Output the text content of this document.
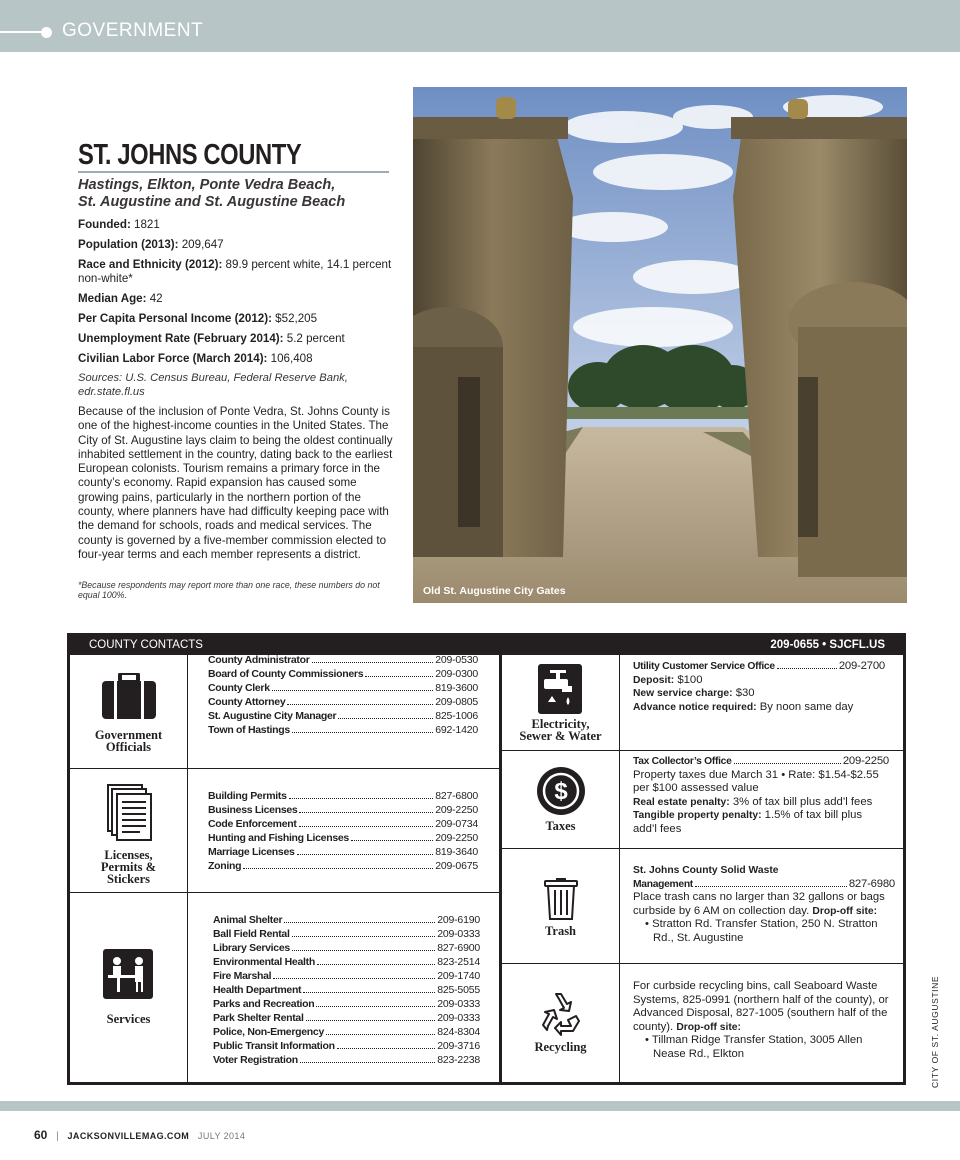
GOVERNMENT
ST. JOHNS COUNTY
Hastings, Elkton, Ponte Vedra Beach,
St. Augustine and St. Augustine Beach
Founded: 1821
Population (2013): 209,647
Race and Ethnicity (2012): 89.9 percent white, 14.1 percent non-white*
Median Age: 42
Per Capita Personal Income (2012): $52,205
Unemployment Rate (February 2014): 5.2 percent
Civilian Labor Force (March 2014): 106,408
Sources: U.S. Census Bureau, Federal Reserve Bank, edr.state.fl.us
Because of the inclusion of Ponte Vedra, St. Johns County is one of the highest-income counties in the United States. The City of St. Augustine lays claim to being the oldest continually inhabited settlement in the country, dating back to the earliest European colonists. Tourism remains a primary force in the county’s economy. Rapid expansion has caused some growing pains, particularly in the northern portion of the county, where planners have had difficulty keeping pace with the demand for schools, roads and medical services. The county is governed by a five-member commission elected to four-year terms and each member represents a district.
*Because respondents may report more than one race, these numbers do not equal 100%.	Old St. Augustine City Gates
COUNTY CONTACTS	209-0655 • SJCFL.US
Government
Officials
County Administrator	209-0530
Board of County Commissioners	209-0300
County Clerk	819-3600
County Attorney	209-0805
St. Augustine City Manager	825-1006
Town of Hastings	692-1420
Licenses,
Permits &
Stickers
Building Permits	827-6800
Business Licenses	209-2250
Code Enforcement	209-0734
Hunting and Fishing Licenses	209-2250
Marriage Licenses	819-3640
Zoning	209-0675
Services
Animal Shelter	209-6190
Ball Field Rental	209-0333
Library Services	827-6900
Environmental Health	823-2514
Fire Marshal	209-1740
Health Department	825-5055
Parks and Recreation	209-0333
Park Shelter Rental	209-0333
Police, Non-Emergency	824-8304
Public Transit Information	209-3716
Voter Registration	823-2238
Electricity,
Sewer & Water
Utility Customer Service Office	209-2700
Deposit: $100
New service charge: $30
Advance notice required: By noon same day
$
Taxes
Tax Collector’s Office	209-2250
Property taxes due March 31 • Rate: $1.54-$2.55
per $100 assessed value
Real estate penalty: 3% of tax bill plus add’l fees
Tangible property penalty: 1.5% of tax bill plus add’l fees
Trash
St. Johns County Solid Waste
Management	827-6980
Place trash cans no larger than 32 gallons or bags curbside by 6 AM on collection day. Drop-off site:
• Stratton Rd. Transfer Station, 250 N. Stratton Rd., St. Augustine
Recycling
For curbside recycling bins, call Seaboard Waste Systems, 825-0991 (northern half of the county), or Advanced Disposal, 827-1005 (southern half of the county). Drop-off site:
• Tillman Ridge Transfer Station, 3005 Allen Nease Rd., Elkton	CITY OF ST. AUGUSTINE
60 | JACKSONVILLEMAG.COM JULY 2014
